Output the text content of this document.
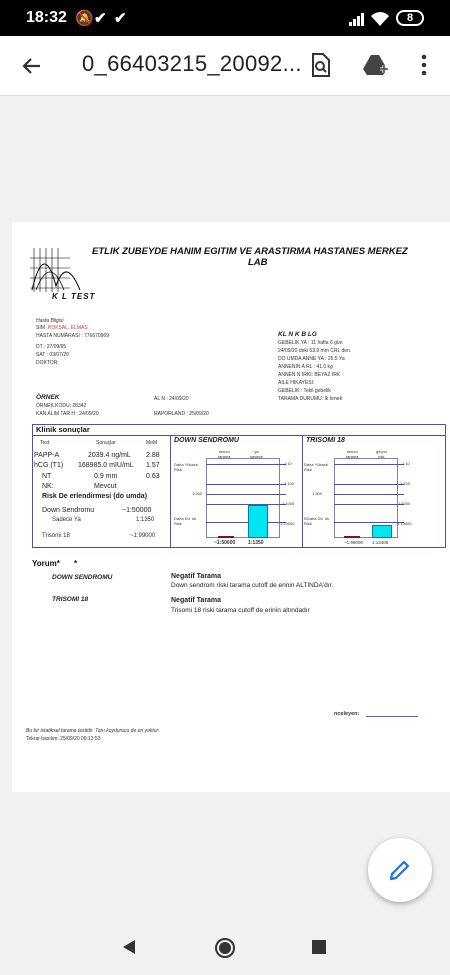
18:32 🔕 ✔ ✔	8
0_66403215_20092...
K L TEST
ETLIK ZUBEYDE HANIM EGITIM VE ARASTIRMA HASTANES MERKEZ
LAB
Hasta Bilgisi
SIM KOKSAL, ELMAS
HASTA NUMARASI : 776670969
DT : 27/09/95
SAT : 03/07/20
DOKTOR:
KL N K B LG
GEBELIK YA : 11 hafta 6 gün
24/09/20 deki 53.9 mm CRL den.
DO UMDA ANNE YA : 25.5 Ya
ANNENIN A RL : 41.0 kg
ANNEN N IRKI: BEYAZ IRK
AILE HIKAYESI:
GEBELIK : Tekil gebelik
TARAMA DURUMU: lk örnek
ÖRNEK
ÖRNEK KODU: 28342
KAN ALIM TAR H : 24/09/20
AL N : 24/09/20
RAPORLAND : 25/09/20
Klinik sonuçlar
Test	Sonuçlar	MoM
PAPP-A	2039.4 ng/mL 2.88
hCG (T1) 168985.0 mIU/mL 1.57
NT	0.9 mm	0.63
NK:	Mevcut
Risk De erlendirmesi (do umda)
Down Sendromu	~1:50000
Sadece Ya	1:1350
Trisomi 18	~1:99000
DOWN SENDROMU
serum
tarama
ya
sadece
Daha Yüksek
Risk
Daha Dü  ük
Risk
1:10
1:100
1:250
1:1000
1:10000
~1:50000	1:1350
TRISOMI 18
serum
tarama
geçmi
risk
Daha Yüksek
Risk
DDaha Dü  ük
Risk
1:10
1:100
1:300
1:1000
1:10000
~1:99000 1:13406
Yorum* *
DOWN SENDROMU	Negatif Tarama
Down sendrom riski tarama cutoff de erinin ALTINDA'dır.
TRISOMI 18	Negatif Tarama
Trisomi 18 riski tarama cutoff de erinin altındadır
nceleyen:
Bu bir istatiksel tarama testidir. Tanı koydurucu de eri yoktur.
Tekrar basılım: 25/09/20 09:13:53
